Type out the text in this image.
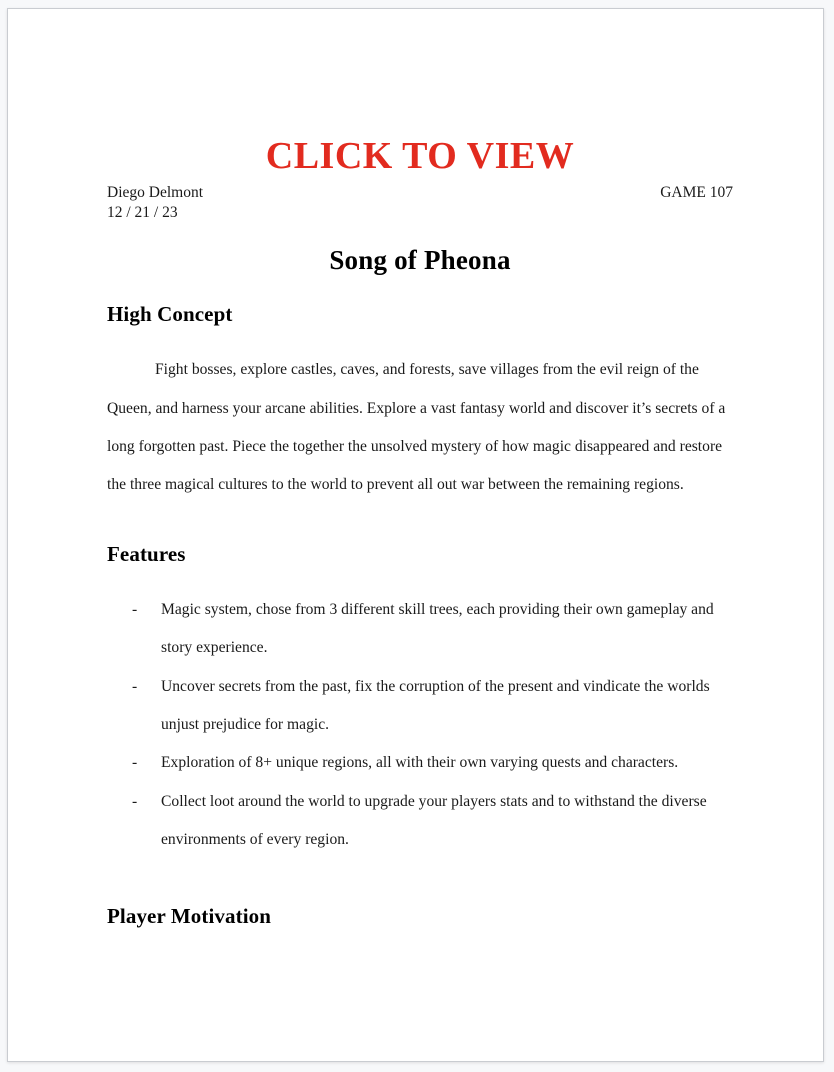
CLICK TO VIEW
Diego Delmont	GAME 107
12 / 21 / 23
Song of Pheona
High Concept

Fight bosses, explore castles, caves, and forests, save villages from the evil reign of the Queen, and harness your arcane abilities. Explore a vast fantasy world and discover it’s secrets of a long forgotten past. Piece the together the unsolved mystery of how magic disappeared and restore the three magical cultures to the world to prevent all out war between the remaining regions.

Features
- Magic system, chose from 3 different skill trees, each providing their own gameplay and story experience.
- Uncover secrets from the past, fix the corruption of the present and vindicate the worlds unjust prejudice for magic.
- Exploration of 8+ unique regions, all with their own varying quests and characters.
- Collect loot around the world to upgrade your players stats and to withstand the diverse environments of every region.
Player Motivation
